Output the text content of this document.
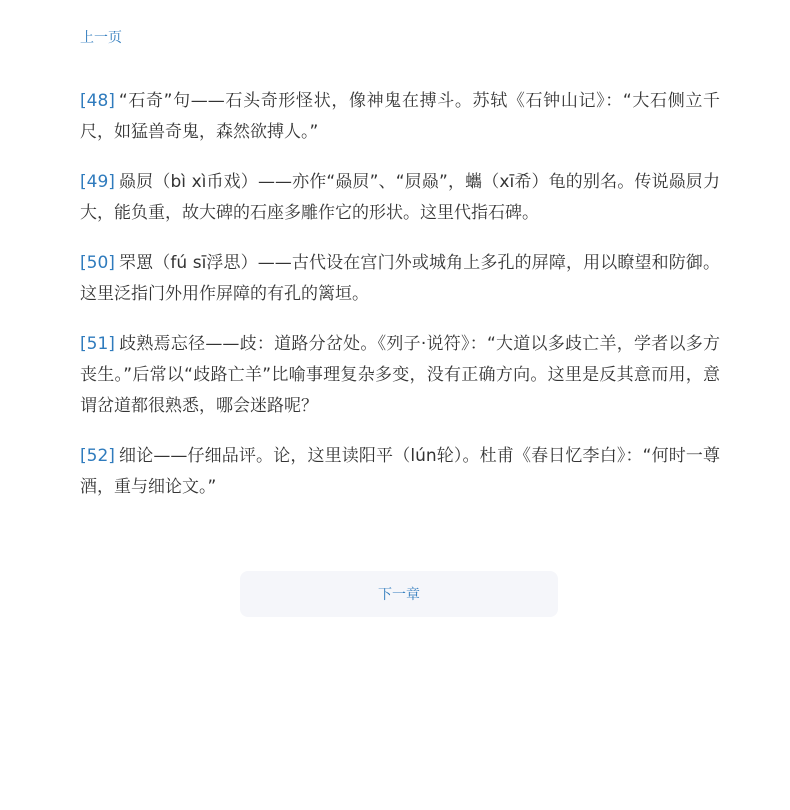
上一页

[48] “石奇”句——石头奇形怪状，像神鬼在搏斗。苏轼《石钟山记》：“大石侧立千尺，如猛兽奇鬼，森然欲搏人。”

[49] 赑屃（bì xì币戏）——亦作“赑屃”、“屃赑”，蠵（xī希）龟的别名。传说赑屃力大，能负重，故大碑的石座多雕作它的形状。这里代指石碑。

[50] 罘罳（fú sī浮思）——古代设在宫门外或城角上多孔的屏障，用以瞭望和防御。这里泛指门外用作屏障的有孔的篱垣。

[51] 歧熟焉忘径——歧：道路分岔处。《列子·说符》：“大道以多歧亡羊，学者以多方丧生。”后常以“歧路亡羊”比喻事理复杂多变，没有正确方向。这里是反其意而用，意谓岔道都很熟悉，哪会迷路呢？

[52] 细论——仔细品评。论，这里读阳平（lún轮）。杜甫《春日忆李白》：“何时一尊酒，重与细论文。”

下一章
